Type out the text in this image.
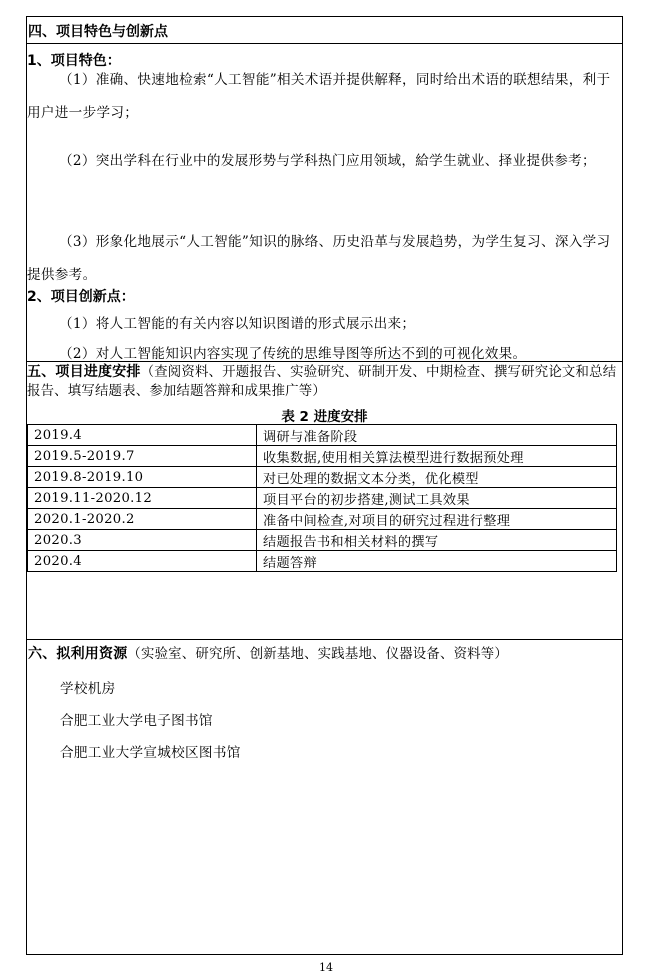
四、项目特色与创新点
1、项目特色：

（1）准确、快速地检索“人工智能”相关术语并提供解释，同时给出术语的联想结果，利于用户进一步学习；

（2）突出学科在行业中的发展形势与学科热门应用领域，給学生就业、择业提供参考；

（3）形象化地展示“人工智能”知识的脉络、历史沿革与发展趋势，为学生复习、深入学习提供参考。

2、项目创新点：
（1）将人工智能的有关内容以知识图谱的形式展示出来；
（2）对人工智能知识内容实现了传统的思维导图等所达不到的可视化效果。

五、项目进度安排（查阅资料、开题报告、实验研究、研制开发、中期检查、撰写研究论文和总结报告、填写结题表、参加结题答辩和成果推广等）

表 2 进度安排
2019.4	调研与准备阶段
2019.5-2019.7	收集数据,使用相关算法模型进行数据预处理
2019.8-2019.10	对已处理的数据文本分类，优化模型
2019.11-2020.12	项目平台的初步搭建,测试工具效果
2020.1-2020.2	准备中间检查,对项目的研究过程进行整理
2020.3	结题报告书和相关材料的撰写
2020.4	结题答辩
六、拟利用资源（实验室、研究所、创新基地、实践基地、仪器设备、资料等）
学校机房
合肥工业大学电子图书馆
合肥工业大学宣城校区图书馆
14
